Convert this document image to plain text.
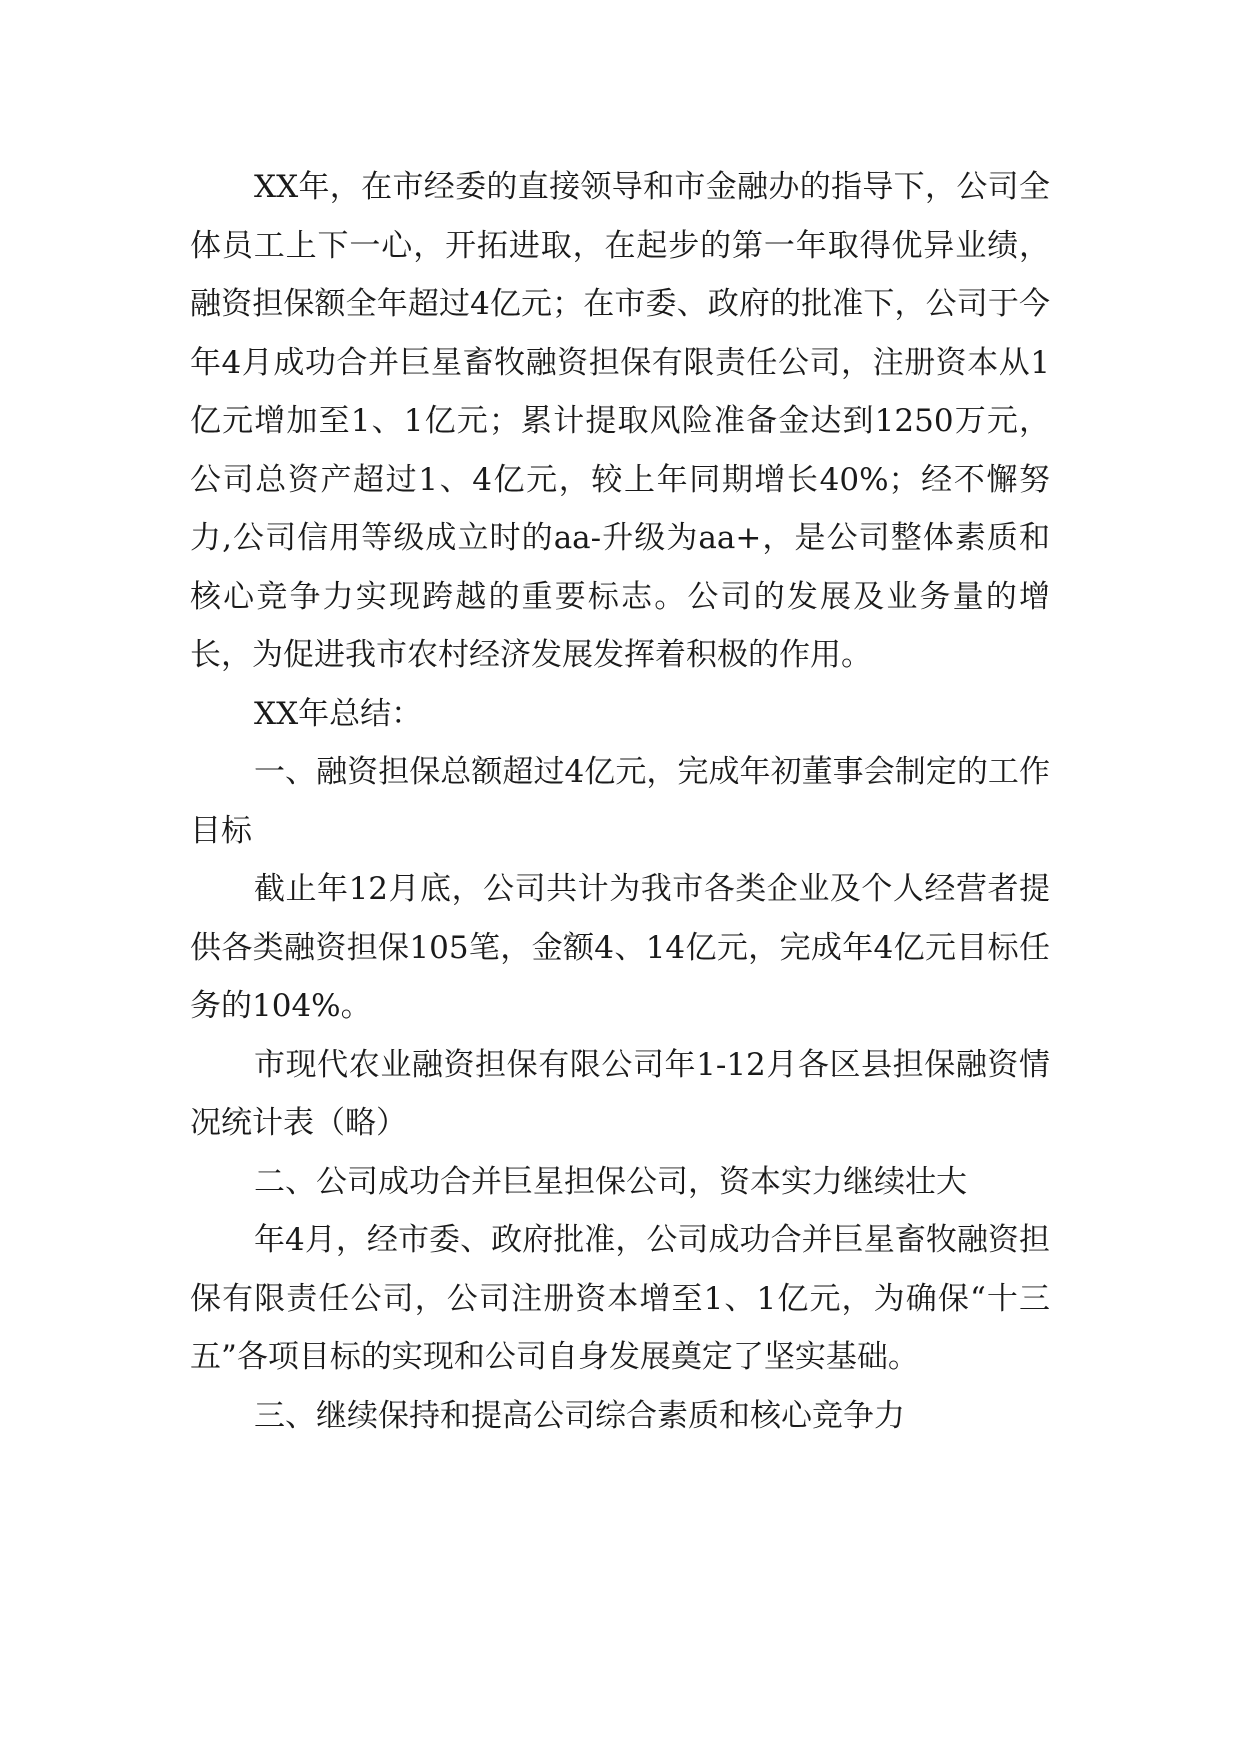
XX年，在市经委的直接领导和市金融办的指导下，公司全体员工上下一心，开拓进取，在起步的第一年取得优异业绩，融资担保额全年超过4亿元；在市委、政府的批准下，公司于今年4月成功合并巨星畜牧融资担保有限责任公司，注册资本从1亿元增加至1、1亿元；累计提取风险准备金达到1250万元，公司总资产超过1、4亿元，较上年同期增长40%；经不懈努力,公司信用等级成立时的aa-升级为aa+，是公司整体素质和核心竞争力实现跨越的重要标志。公司的发展及业务量的增长，为促进我市农村经济发展发挥着积极的作用。

XX年总结：

一、融资担保总额超过4亿元，完成年初董事会制定的工作目标

截止年12月底，公司共计为我市各类企业及个人经营者提供各类融资担保105笔，金额4、14亿元，完成年4亿元目标任务的104%。

市现代农业融资担保有限公司年1-12月各区县担保融资情况统计表（略）

二、公司成功合并巨星担保公司，资本实力继续壮大

年4月，经市委、政府批准，公司成功合并巨星畜牧融资担保有限责任公司，公司注册资本增至1、1亿元，为确保“十三五”各项目标的实现和公司自身发展奠定了坚实基础。

三、继续保持和提高公司综合素质和核心竞争力
